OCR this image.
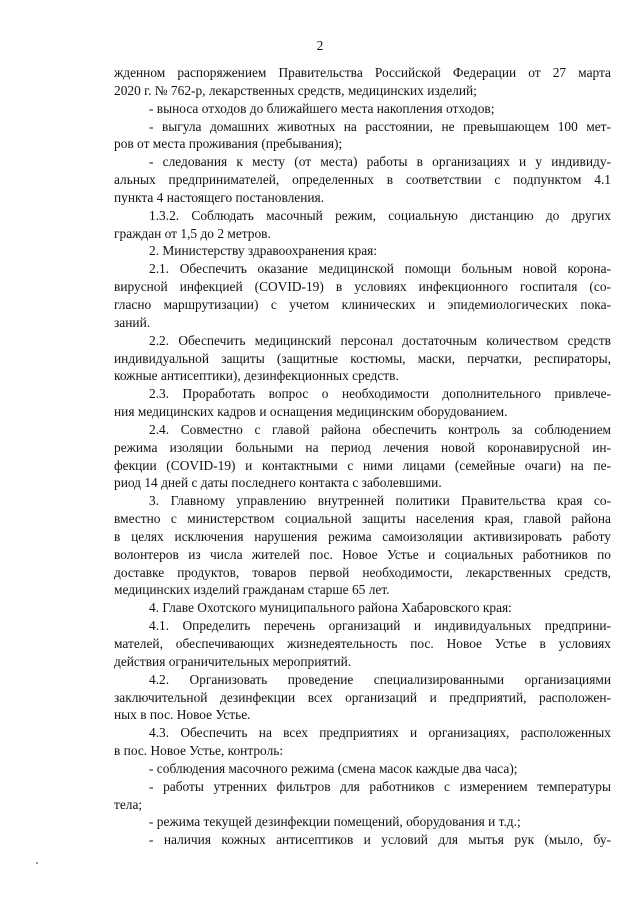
2

жденном распоряжением Правительства Российской Федерации от 27 марта

2020 г. № 762-р, лекарственных средств, медицинских изделий;

- выноса отходов до ближайшего места накопления отходов;

- выгула домашних животных на расстоянии, не превышающем 100 мет-

ров от места проживания (пребывания);

- следования к месту (от места) работы в организациях и у индивиду-

альных предпринимателей, определенных в соответствии с подпунктом 4.1

пункта 4 настоящего постановления.

1.3.2. Соблюдать масочный режим, социальную дистанцию до других

граждан от 1,5 до 2 метров.

2. Министерству здравоохранения края:

2.1. Обеспечить оказание медицинской помощи больным новой корона-

вирусной инфекцией (COVID-19) в условиях инфекционного госпиталя (со-

гласно маршрутизации) с учетом клинических и эпидемиологических пока-

заний.

2.2. Обеспечить медицинский персонал достаточным количеством средств

индивидуальной защиты (защитные костюмы, маски, перчатки, респираторы,

кожные антисептики), дезинфекционных средств.

2.3. Проработать вопрос о необходимости дополнительного привлече-

ния медицинских кадров и оснащения медицинским оборудованием.

2.4. Совместно с главой района обеспечить контроль за соблюдением

режима изоляции больными на период лечения новой коронавирусной ин-

фекции (COVID-19) и контактными с ними лицами (семейные очаги) на пе-

риод 14 дней с даты последнего контакта с заболевшими.

3. Главному управлению внутренней политики Правительства края со-

вместно с министерством социальной защиты населения края, главой района

в целях исключения нарушения режима самоизоляции активизировать работу

волонтеров из числа жителей пос. Новое Устье и социальных работников по

доставке продуктов, товаров первой необходимости, лекарственных средств,

медицинских изделий гражданам старше 65 лет.

4. Главе Охотского муниципального района Хабаровского края:

4.1. Определить перечень организаций и индивидуальных предприни-

мателей, обеспечивающих жизнедеятельность пос. Новое Устье в условиях

действия ограничительных мероприятий.

4.2. Организовать проведение специализированными организациями

заключительной дезинфекции всех организаций и предприятий, расположен-

ных в пос. Новое Устье.

4.3. Обеспечить на всех предприятиях и организациях, расположенных

в пос. Новое Устье, контроль:

- соблюдения масочного режима (смена масок каждые два часа);

- работы утренних фильтров для работников с измерением температуры

тела;

- режима текущей дезинфекции помещений, оборудования и т.д.;

- наличия кожных антисептиков и условий для мытья рук (мыло, бу-
